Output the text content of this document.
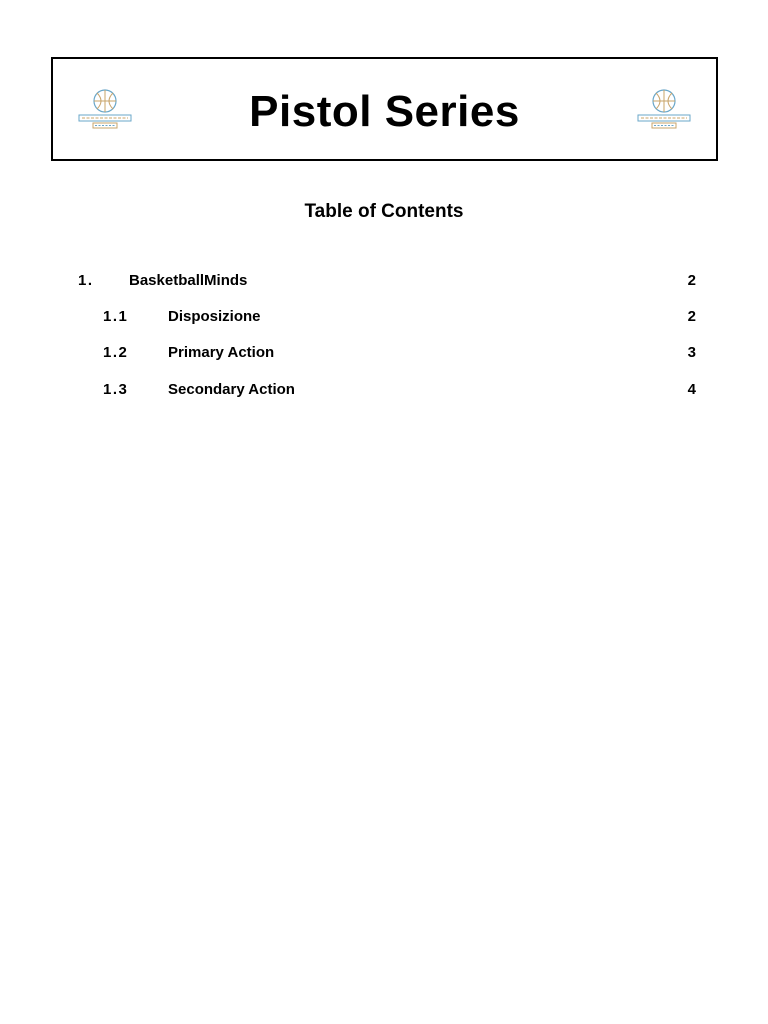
Pistol Series
Table of Contents
1. BasketballMinds	2
1.1	Disposizione	2
1.2	Primary Action	3
1.3	Secondary Action	4
